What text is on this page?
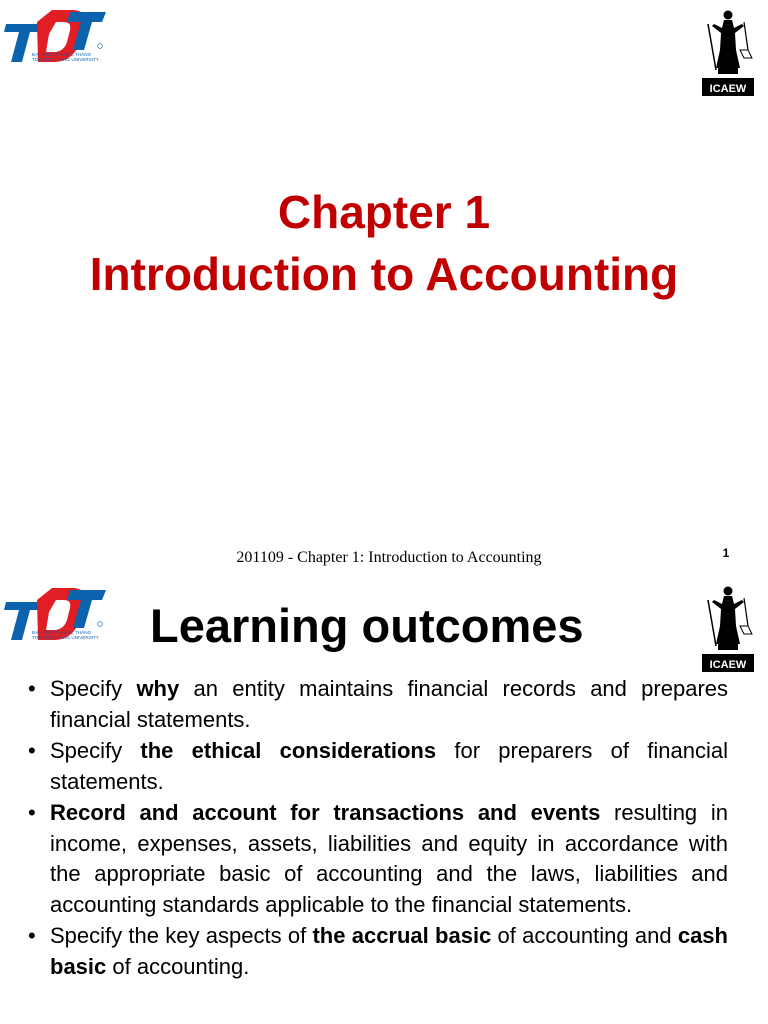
ĐẠI HỌC TÔN ĐỨC THẮNG
TON DUC THANG UNIVERSITY
ICAEW
Chapter 1
Introduction to Accounting
201109 - Chapter 1: Introduction to Accounting	1
ĐẠI HỌC TÔN ĐỨC THẮNG
TON DUC THANG UNIVERSITY
ICAEW
Learning outcomes
• Specify why an entity maintains financial records and prepares financial statements.
• Specify the ethical considerations for preparers of financial statements.
• Record and account for transactions and events resulting in income, expenses, assets, liabilities and equity in accordance with the appropriate basic of accounting and the laws, liabilities and accounting standards applicable to the financial statements.
• Specify the key aspects of the accrual basic of accounting and cash basic of accounting.
